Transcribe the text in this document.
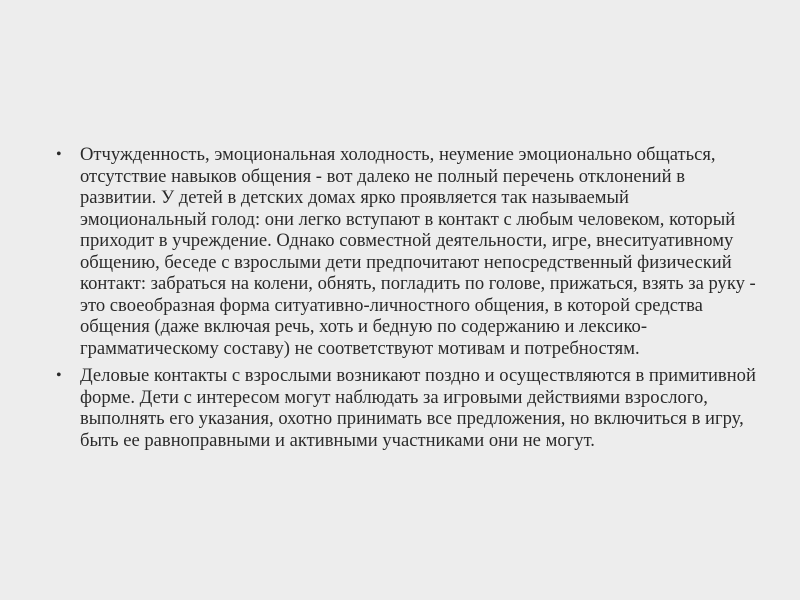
• Отчужденность, эмоциональная холодность, неумение эмоционально общаться, отсутствие навыков общения - вот далеко не полный перечень отклонений в развитии. У детей в детских домах ярко проявляется так называемый эмоциональный голод: они легко вступают в контакт с любым человеком, который приходит в учреждение. Однако совместной деятельности, игре, внеситуативному общению, беседе с взрослыми дети предпочитают непосредственный физический контакт: забраться на колени, обнять, погладить по голове, прижаться, взять за руку - это своеобразная форма ситуативно-личностного общения, в которой средства общения (даже включая речь, хоть и бедную по содержанию и лексико-грамматическому составу) не соответствуют мотивам и потребностям.
• Деловые контакты с взрослыми возникают поздно и осуществляются в примитивной форме. Дети с интересом могут наблюдать за игровыми действиями взрослого, выполнять его указания, охотно принимать все предложения, но включиться в игру, быть ее равноправными и активными участниками они не могут.
